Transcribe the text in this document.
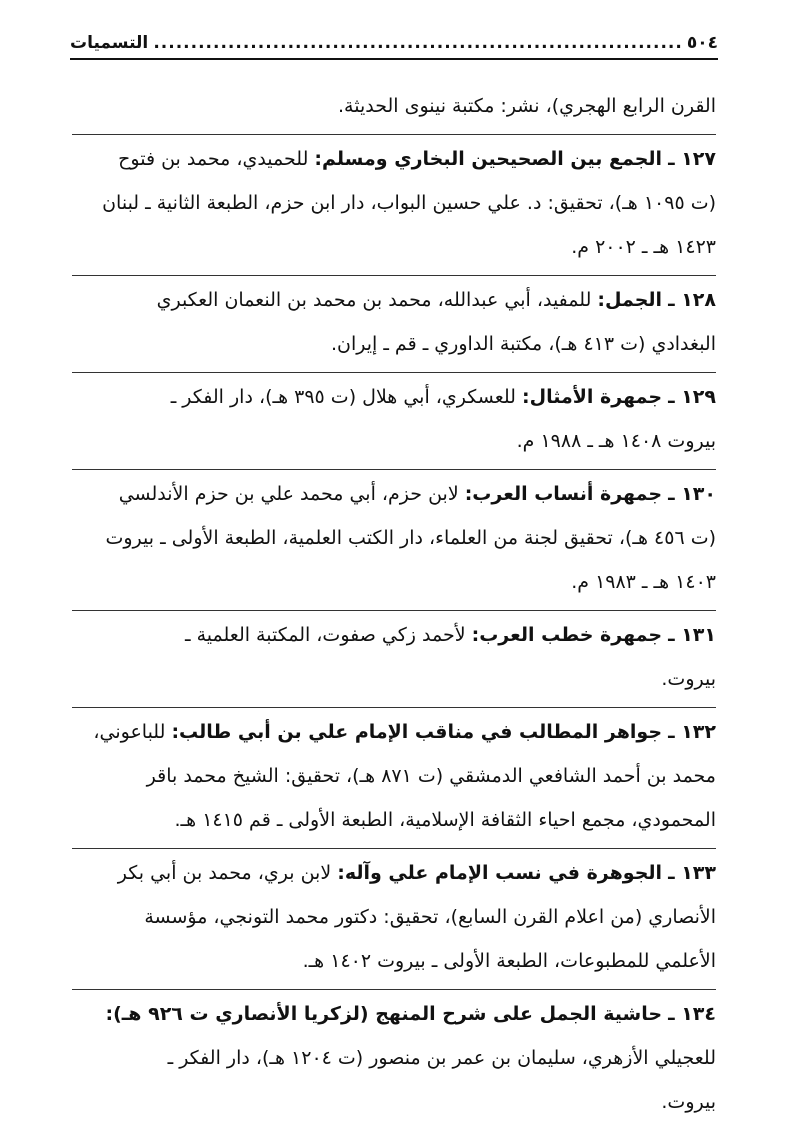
٥٠٤
.....
التسميات
القرن الرابع الهجري)، نشر: مكتبة نينوى الحديثة.
١٢٧ ـ الجمع بين الصحيحين البخاري ومسلم: للحميدي، محمد بن فتوح
(ت ١٠٩٥ هـ)، تحقيق: د. علي حسين البواب، دار ابن حزم، الطبعة الثانية ـ لبنان
١٤٢٣ هـ ـ ٢٠٠٢ م.
١٢٨ ـ الجمل: للمفيد، أبي عبدالله، محمد بن محمد بن النعمان العكبري
البغدادي (ت ٤١٣ هـ)، مكتبة الداوري ـ قم ـ إيران.
١٢٩ ـ جمهرة الأمثال: للعسكري، أبي هلال (ت ٣٩٥ هـ)، دار الفكر ـ
بيروت ١٤٠٨ هـ ـ ١٩٨٨ م.
١٣٠ ـ جمهرة أنساب العرب: لابن حزم، أبي محمد علي بن حزم الأندلسي
(ت ٤٥٦ هـ)، تحقيق لجنة من العلماء، دار الكتب العلمية، الطبعة الأولى ـ بيروت
١٤٠٣ هـ ـ ١٩٨٣ م.
١٣١ ـ جمهرة خطب العرب: لأحمد زكي صفوت، المكتبة العلمية ـ
بيروت.
١٣٢ ـ جواهر المطالب في مناقب الإمام علي بن أبي طالب: للباعوني،
محمد بن أحمد الشافعي الدمشقي (ت ٨٧١ هـ)، تحقيق: الشيخ محمد باقر
المحمودي، مجمع احياء الثقافة الإسلامية، الطبعة الأولى ـ قم ١٤١٥ هـ.
١٣٣ ـ الجوهرة في نسب الإمام علي وآله: لابن بري، محمد بن أبي بكر
الأنصاري (من اعلام القرن السابع)، تحقيق: دكتور محمد التونجي، مؤسسة
الأعلمي للمطبوعات، الطبعة الأولى ـ بيروت ١٤٠٢ هـ.
١٣٤ ـ حاشية الجمل على شرح المنهج (لزكريا الأنصاري ت ٩٢٦ هـ):
للعجيلي الأزهري، سليمان بن عمر بن منصور (ت ١٢٠٤ هـ)، دار الفكر ـ
بيروت.
